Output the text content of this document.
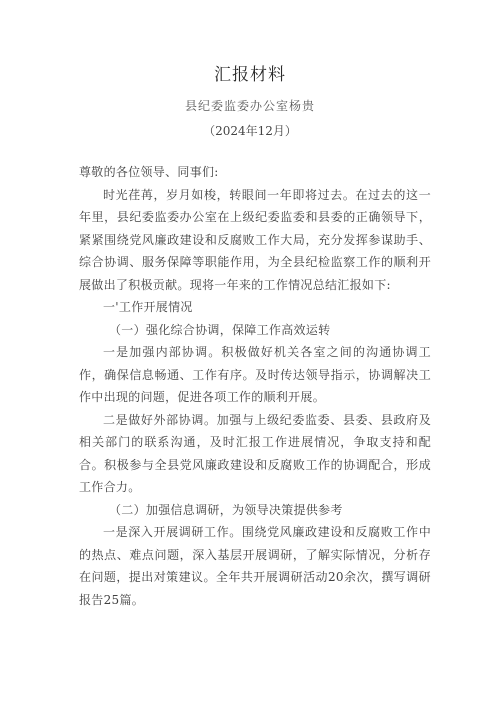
汇报材料
县纪委监委办公室杨贵
（2024年12月）

尊敬的各位领导、同事们:

时光荏苒，岁月如梭，转眼间一年即将过去。在过去的这一年里，县纪委监委办公室在上级纪委监委和县委的正确领导下，紧紧围绕党风廉政建设和反腐败工作大局，充分发挥参谋助手、综合协调、服务保障等职能作用，为全县纪检监察工作的顺利开展做出了积极贡献。现将一年来的工作情况总结汇报如下:

一'工作开展情况

（一）强化综合协调，保障工作高效运转

一是加强内部协调。积极做好机关各室之间的沟通协调工作，确保信息畅通、工作有序。及时传达领导指示，协调解决工作中出现的问题，促进各项工作的顺利开展。

二是做好外部协调。加强与上级纪委监委、县委、县政府及相关部门的联系沟通，及时汇报工作进展情况，争取支持和配合。积极参与全县党风廉政建设和反腐败工作的协调配合，形成工作合力。

（二）加强信息调研，为领导决策提供参考

一是深入开展调研工作。围绕党风廉政建设和反腐败工作中的热点、难点问题，深入基层开展调研，了解实际情况，分析存在问题，提出对策建议。全年共开展调研活动20余次，撰写调研报告25篇。
